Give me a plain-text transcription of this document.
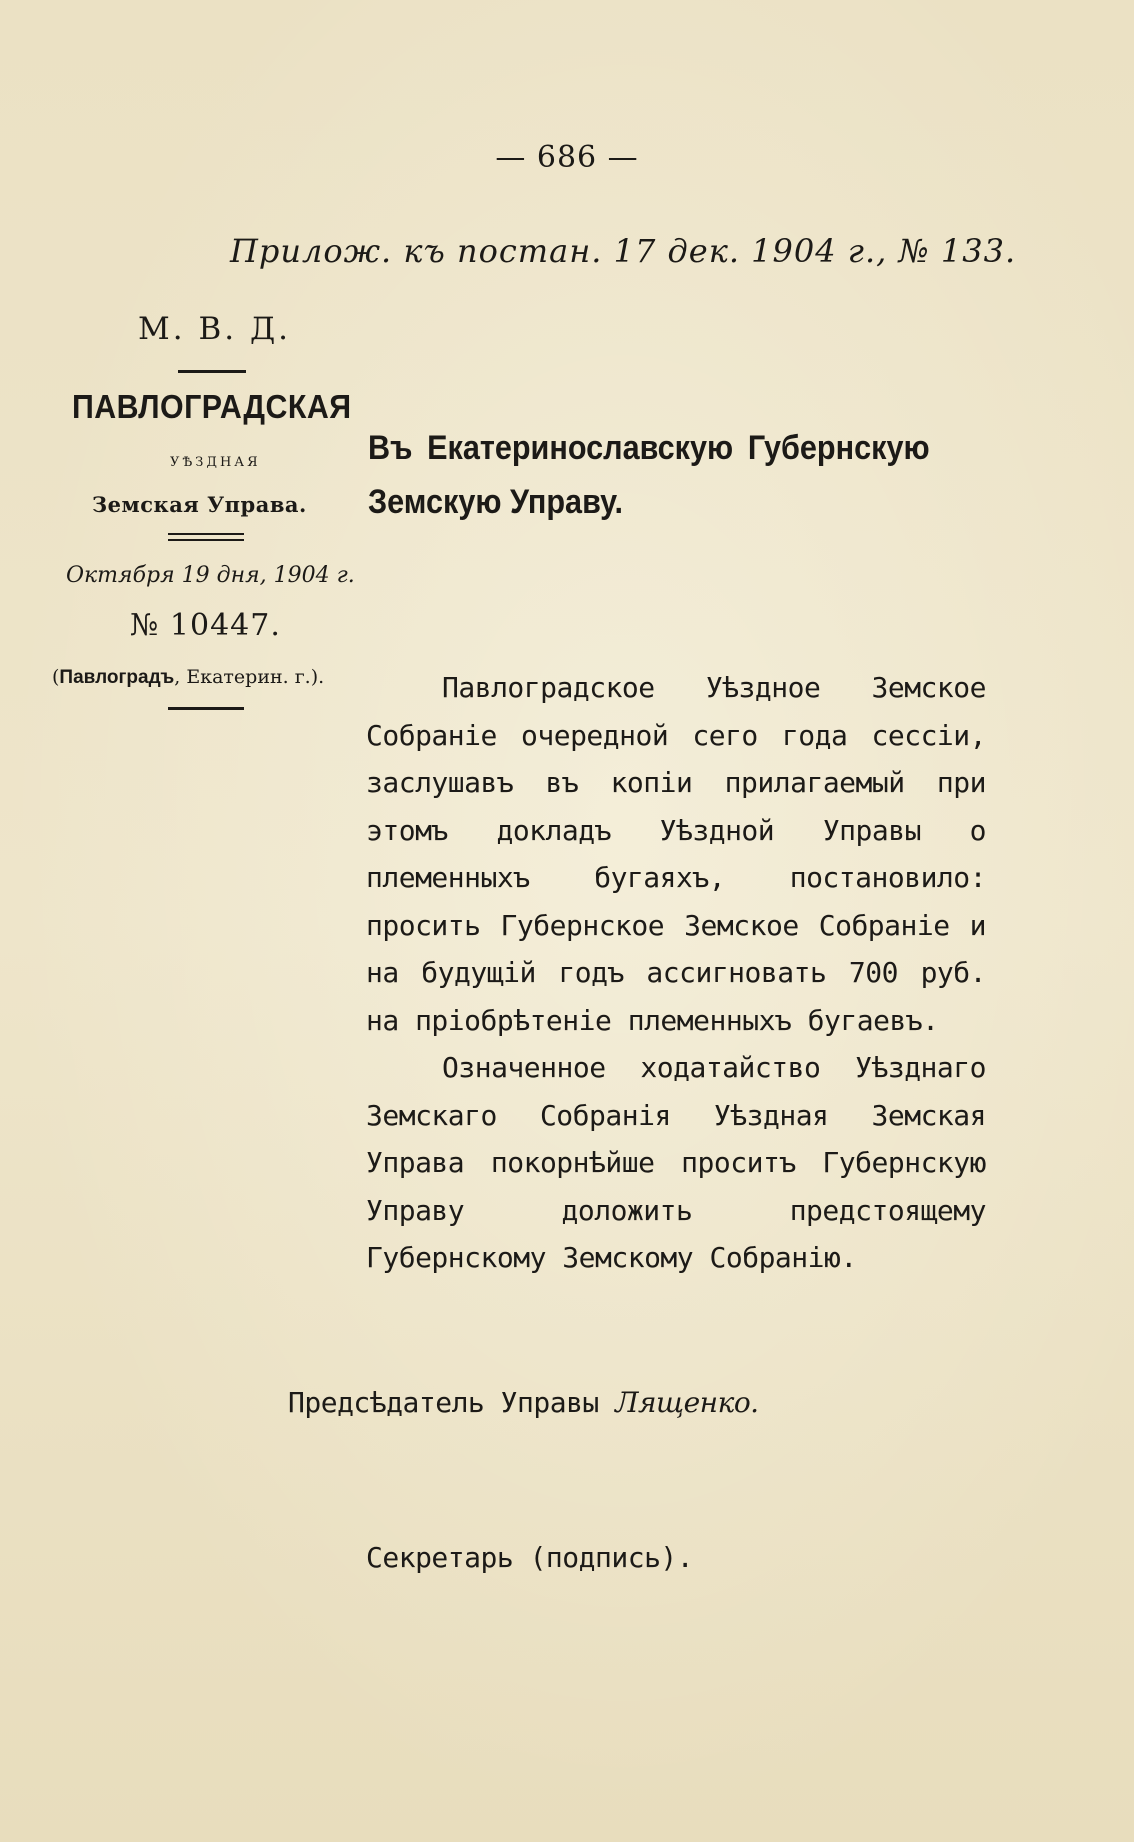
— 686 —
Прилож. къ постан. 17 дек. 1904 г., № 133.
М. В. Д.
ПАВЛОГРАДСКАЯ
УѢЗДНАЯ
Земская Управа.
Октября 19 дня, 1904 г.
№ 10447.
(Павлоградъ, Екатерин. г.).
Въ Екатеринославскую Губернскую Земскую Управу.

Павлоградское Уѣздное Земское Собраніе очередной сего года сессіи, заслушавъ въ копіи прилагаемый при этомъ докладъ Уѣздной Управы о племенныхъ бугаяхъ, постановило: просить Губернское Земское Собраніе и на будущій годъ ассигновать 700 руб. на пріобрѣтеніе племенныхъ бугаевъ.

Означенное ходатайство Уѣзднаго Земскаго Собранія Уѣздная Земская Управа покорнѣйше проситъ Губернскую Управу доложить предстоящему Губернскому Земскому Собранію.

Предсѣдатель Управы Лященко.
Секретарь (подпись).
